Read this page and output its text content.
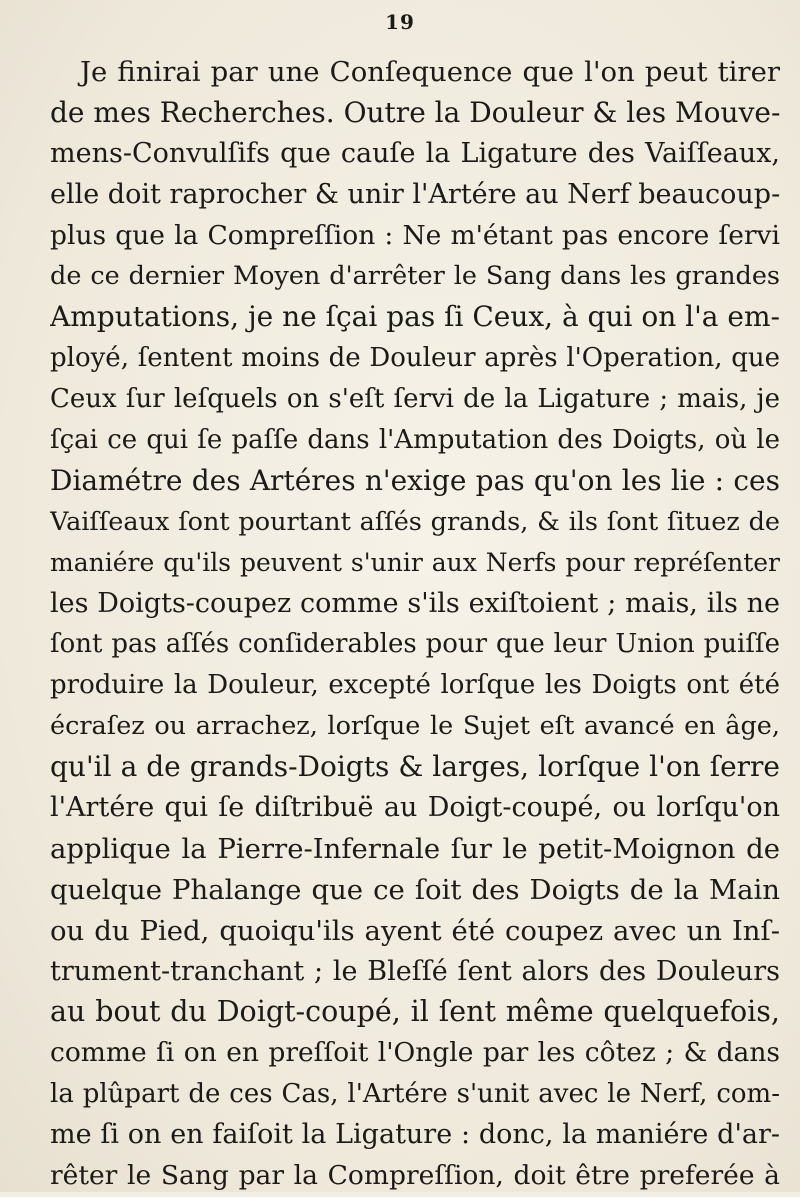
19
Je finirai par une Conſequence que l'on peut tirer
de mes Recherches. Outre la Douleur & les Mouve-
mens-Convulſifs que cauſe la Ligature des Vaiſſeaux,
elle doit raprocher & unir l'Artére au Nerf beaucoup-
plus que la Compreſſion : Ne m'étant pas encore ſervi
de ce dernier Moyen d'arrêter le Sang dans les grandes
Amputations, je ne ſçai pas ſi Ceux, à qui on l'a em-
ployé, ſentent moins de Douleur après l'Operation, que
Ceux ſur leſquels on s'eſt ſervi de la Ligature ; mais, je
ſçai ce qui ſe paſſe dans l'Amputation des Doigts, où le
Diamétre des Artéres n'exige pas qu'on les lie : ces
Vaiſſeaux ſont pourtant aſſés grands, & ils ſont ſituez de
maniére qu'ils peuvent s'unir aux Nerfs pour repréſenter
les Doigts-coupez comme s'ils exiſtoient ; mais, ils ne
ſont pas aſſés conſiderables pour que leur Union puiſſe
produire la Douleur, excepté lorſque les Doigts ont été
écraſez ou arrachez, lorſque le Sujet eſt avancé en âge,
qu'il a de grands-Doigts & larges, lorſque l'on ſerre
l'Artére qui ſe diſtribuë au Doigt-coupé, ou lorſqu'on
applique la Pierre-Infernale ſur le petit-Moignon de
quelque Phalange que ce ſoit des Doigts de la Main
ou du Pied, quoiqu'ils ayent été coupez avec un Inſ-
trument-tranchant ; le Bleſſé ſent alors des Douleurs
au bout du Doigt-coupé, il ſent même quelquefois,
comme ſi on en preſſoit l'Ongle par les côtez ; & dans
la plûpart de ces Cas, l'Artére s'unit avec le Nerf, com-
me ſi on en faiſoit la Ligature : donc, la maniére d'ar-
rêter le Sang par la Compreſſion, doit être preferée à
